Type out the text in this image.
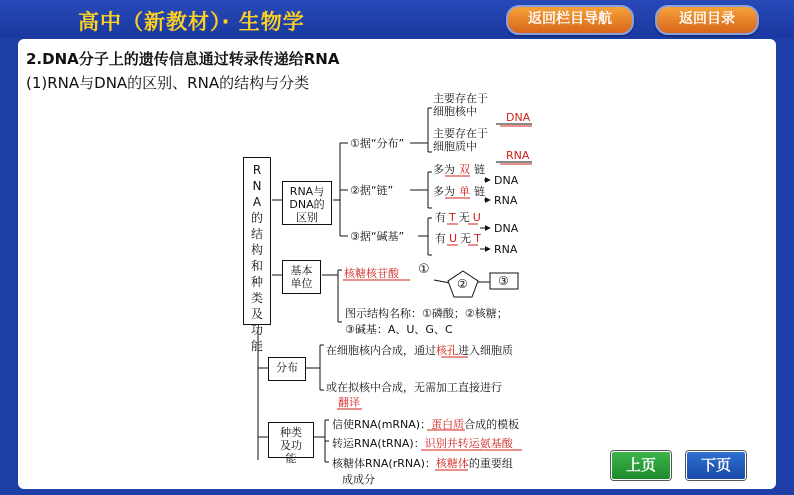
高中（新教材）· 生物学	返回栏目导航	返回目录
2.DNA分子上的遗传信息通过转录传递给RNA
(1)RNA与DNA的区别、RNA的结构与分类
RNA的结构和种类及功能
RNA与DNA的区别
①据“分布”
②据“链”
③据“碱基”
主要存在于细胞核中	DNA
主要存在于细胞质中
RNA
多为 双 链
DNA
多为 单 链
RNA
有 T 无 U
DNA
有 U 无 T
RNA
基本单位
核糖核苷酸 ①
②	③
图示结构名称：①磷酸；②核糖；
③碱基：A、U、G、C
分布
在细胞核内合成，通过核孔进入细胞质
或在拟核中合成，无需加工直接进行
翻译
种类及功能
信使RNA(mRNA)：蛋白质合成的模板
转运RNA(tRNA)：识别并转运氨基酸
核糖体RNA(rRNA)：核糖体的重要组
成成分
上页	下页
